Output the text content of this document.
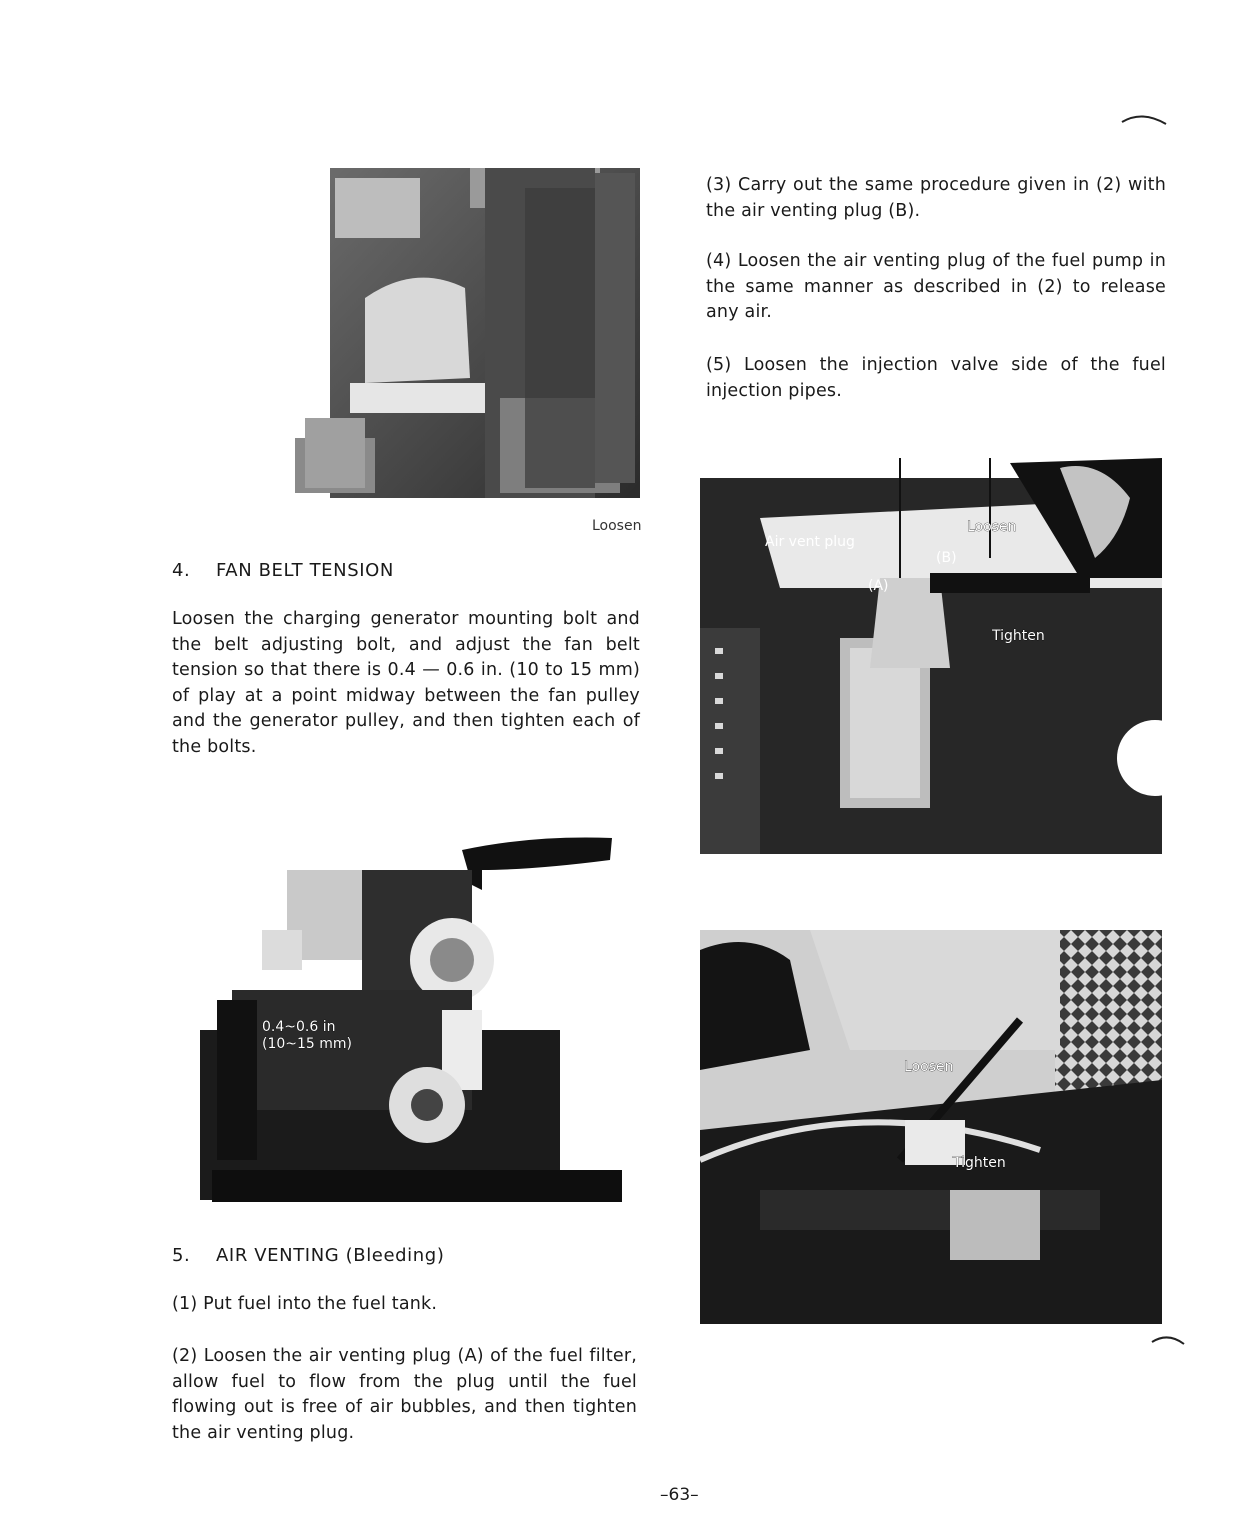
Loosen
4. FAN BELT TENSION
Loosen the charging generator mounting bolt and the belt adjusting bolt, and adjust the fan belt tension so that there is 0.4 — 0.6 in. (10 to 15 mm) of play at a point midway between the fan pulley and the generator pulley, and then tighten each of the bolts.
0.4~0.6 in
(10~15 mm)
5. AIR VENTING (Bleeding)
(1) Put fuel into the fuel tank.
(2) Loosen the air venting plug (A) of the fuel filter, allow fuel to flow from the plug until the fuel flowing out is free of air bubbles, and then tighten the air venting plug.
(3) Carry out the same procedure given in (2) with the air venting plug (B).
(4) Loosen the air venting plug of the fuel pump in the same manner as described in (2) to release any air.
(5) Loosen the injection valve side of the fuel injection pipes.
Air vent plug
(A)
(B)
Loosen
Tighten
Loosen
Tighten
–63–
